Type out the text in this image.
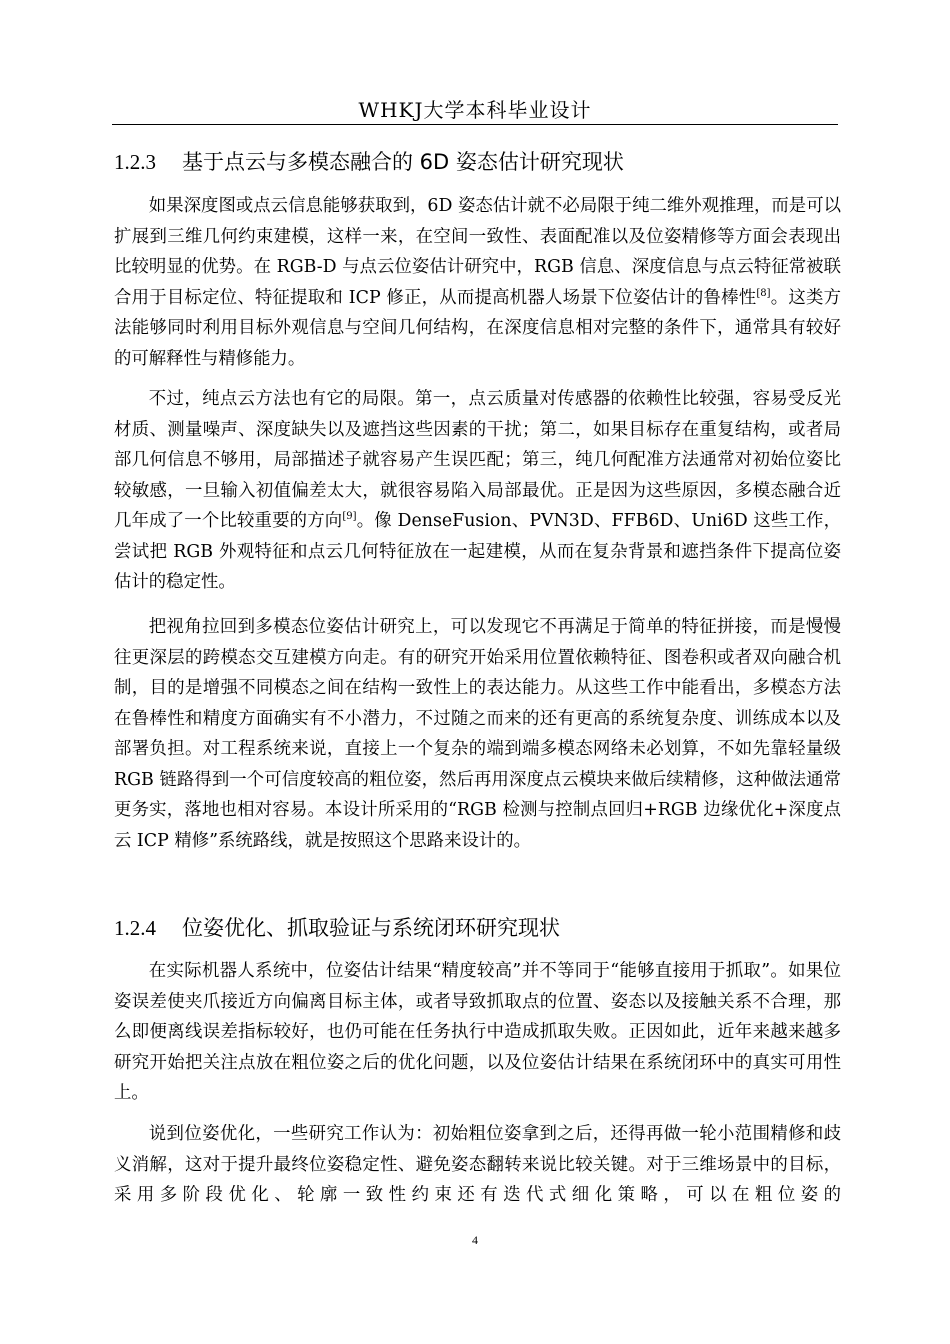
WHKJ大学本科毕业设计
1.2.3 基于点云与多模态融合的 6D 姿态估计研究现状

如果深度图或点云信息能够获取到，6D 姿态估计就不必局限于纯二维外观推理，而是可以扩展到三维几何约束建模，这样一来，在空间一致性、表面配准以及位姿精修等方面会表现出比较明显的优势。在 RGB-D 与点云位姿估计研究中，RGB 信息、深度信息与点云特征常被联合用于目标定位、特征提取和 ICP 修正，从而提高机器人场景下位姿估计的鲁棒性[8]。这类方法能够同时利用目标外观信息与空间几何结构，在深度信息相对完整的条件下，通常具有较好的可解释性与精修能力。

不过，纯点云方法也有它的局限。第一，点云质量对传感器的依赖性比较强，容易受反光材质、测量噪声、深度缺失以及遮挡这些因素的干扰；第二，如果目标存在重复结构，或者局部几何信息不够用，局部描述子就容易产生误匹配；第三，纯几何配准方法通常对初始位姿比较敏感，一旦输入初值偏差太大，就很容易陷入局部最优。正是因为这些原因，多模态融合近几年成了一个比较重要的方向[9]。像 DenseFusion、PVN3D、FFB6D、Uni6D 这些工作，尝试把 RGB 外观特征和点云几何特征放在一起建模，从而在复杂背景和遮挡条件下提高位姿估计的稳定性。

把视角拉回到多模态位姿估计研究上，可以发现它不再满足于简单的特征拼接，而是慢慢往更深层的跨模态交互建模方向走。有的研究开始采用位置依赖特征、图卷积或者双向融合机制，目的是增强不同模态之间在结构一致性上的表达能力。从这些工作中能看出，多模态方法在鲁棒性和精度方面确实有不小潜力，不过随之而来的还有更高的系统复杂度、训练成本以及部署负担。对工程系统来说，直接上一个复杂的端到端多模态网络未必划算，不如先靠轻量级 RGB 链路得到一个可信度较高的粗位姿，然后再用深度点云模块来做后续精修，这种做法通常更务实，落地也相对容易。本设计所采用的“RGB 检测与控制点回归+RGB 边缘优化+深度点云 ICP 精修”系统路线，就是按照这个思路来设计的。

1.2.4 位姿优化、抓取验证与系统闭环研究现状

在实际机器人系统中，位姿估计结果“精度较高”并不等同于“能够直接用于抓取”。如果位姿误差使夹爪接近方向偏离目标主体，或者导致抓取点的位置、姿态以及接触关系不合理，那么即便离线误差指标较好，也仍可能在任务执行中造成抓取失败。正因如此，近年来越来越多研究开始把关注点放在粗位姿之后的优化问题，以及位姿估计结果在系统闭环中的真实可用性上。

说到位姿优化，一些研究工作认为：初始粗位姿拿到之后，还得再做一轮小范围精修和歧义消解，这对于提升最终位姿稳定性、避免姿态翻转来说比较关键。对于三维场景中的目标，采用多阶段优化、轮廓一致性约束还有迭代式细化策略，可以在粗位姿的

4
